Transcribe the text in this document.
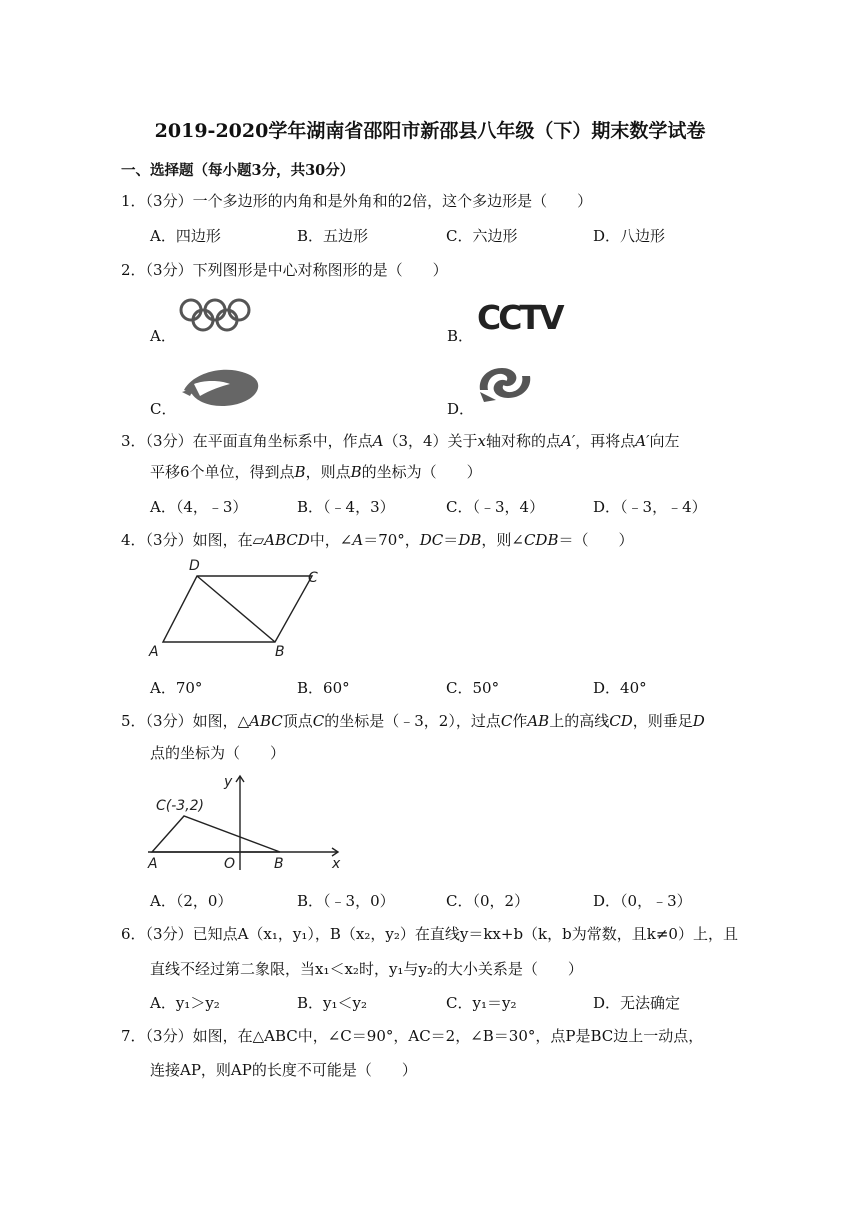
2019-2020学年湖南省邵阳市新邵县八年级（下）期末数学试卷
一、选择题（每小题3分，共30分）
1．（3分）一个多边形的内角和是外角和的2倍，这个多边形是（　　）
A．四边形	B．五边形	C．六边形	D．八边形
2．（3分）下列图形是中心对称图形的是（　　）
A．	B． CCTV
C．	D．
3．（3分）在平面直角坐标系中，作点A（3，4）关于x轴对称的点A′，再将点A′向左
平移6个单位，得到点B，则点B的坐标为（　　）
A．（4，﹣3）	B．（﹣4，3）	C．（﹣3，4）	D．（﹣3，﹣4）
4．（3分）如图，在▱ABCD中，∠A＝70°，DC＝DB，则∠CDB＝（　　）
D
C
A	B
A．70°	B．60°	C．50°	D．40°
5．（3分）如图，△ABC顶点C的坐标是（﹣3，2），过点C作AB上的高线CD，则垂足D
点的坐标为（　　）
y
C(-3,2)
A	O	B	x
A．（2，0）	B．（﹣3，0）	C．（0，2）	D．（0，﹣3）
6．（3分）已知点A（x₁，y₁），B（x₂，y₂）在直线y＝kx+b（k，b为常数，且k≠0）上，且
直线不经过第二象限，当x₁＜x₂时，y₁与y₂的大小关系是（　　）
A．y₁＞y₂	B．y₁＜y₂	C．y₁＝y₂	D．无法确定
7．（3分）如图，在△ABC中，∠C＝90°，AC＝2，∠B＝30°，点P是BC边上一动点，
连接AP，则AP的长度不可能是（　　）
